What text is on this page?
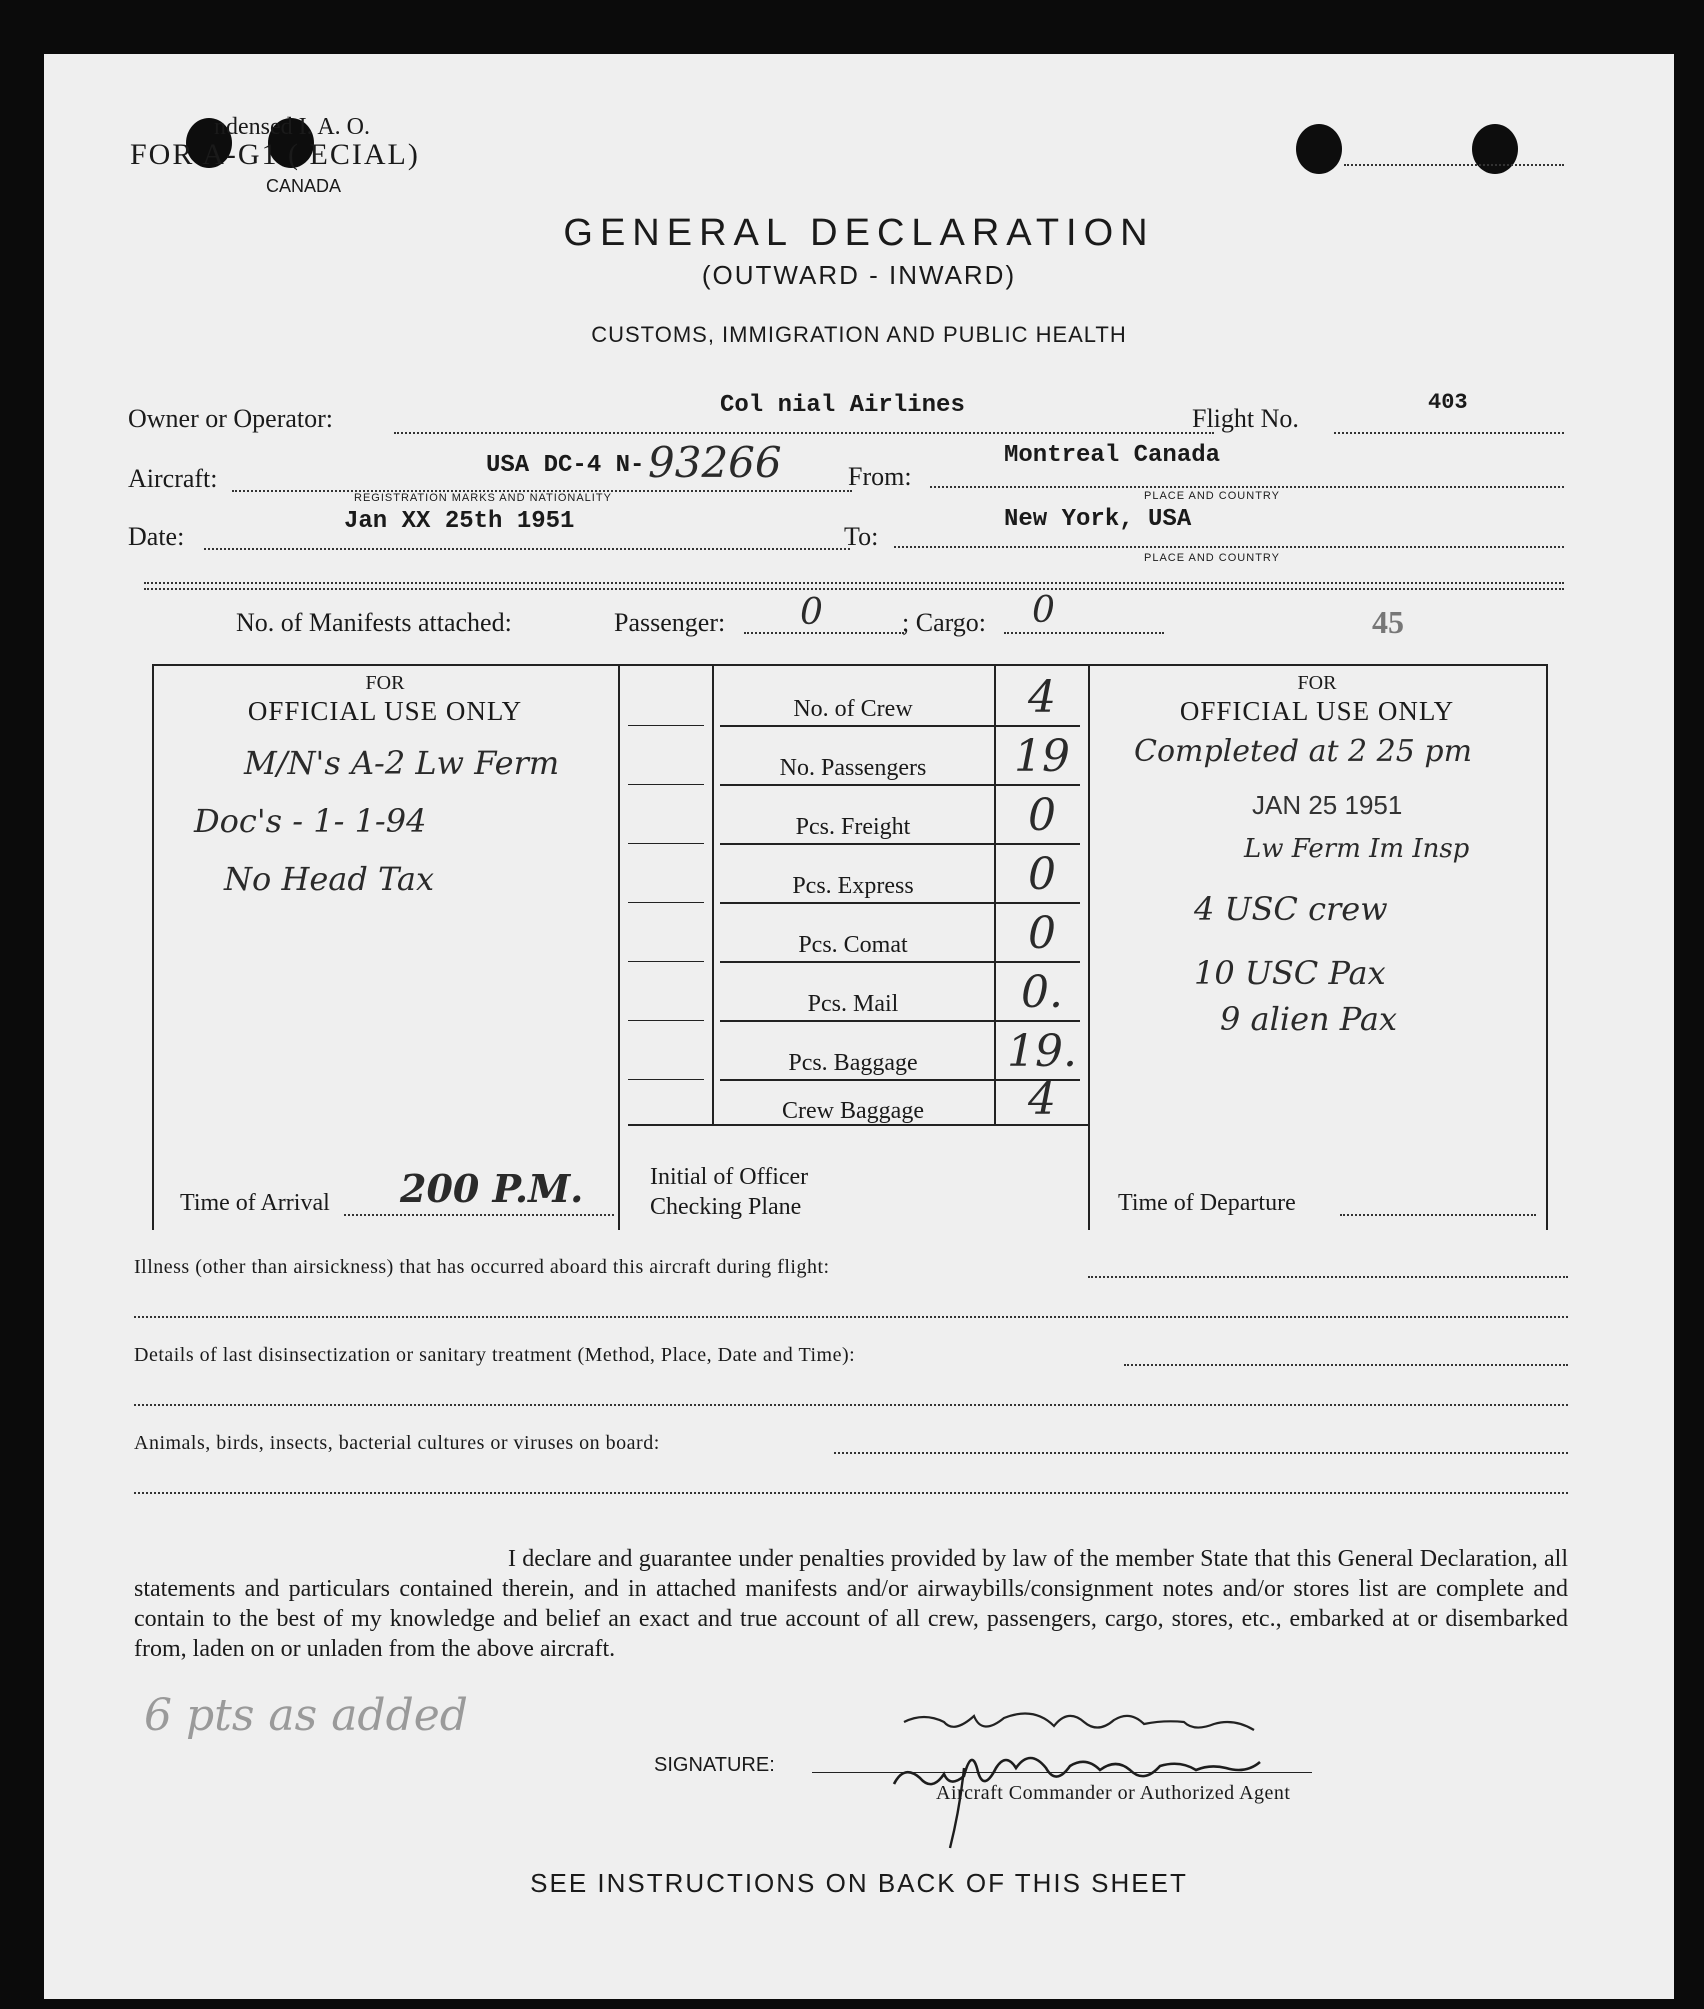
ndensed I. A. O.
FOR A-G1 ( ECIAL)
CANADA
GENERAL DECLARATION
(OUTWARD - INWARD)
CUSTOMS, IMMIGRATION AND PUBLIC HEALTH
Owner or Operator:	Col nial Airlines	Flight No.
403
Aircraft:	USA DC-4 N- 93266
REGISTRATION MARKS AND NATIONALITY
From:
Montreal Canada
PLACE AND COUNTRY
Date:
Jan XX 25th 1951
To:
New York, USA
PLACE AND COUNTRY
No. of Manifests attached:	Passenger: 0	; Cargo: 0	45
FOR
OFFICIAL USE ONLY
M/N's A-2 Lw Ferm
Doc's - 1- 1-94
No Head Tax
Time of Arrival 200 P.M.
No. of Crew	4
No. Passengers	19
Pcs. Freight	0
Pcs. Express	0
Pcs. Comat	0
Pcs. Mail	0.
Pcs. Baggage	19.
Crew Baggage	4
Initial of Officer
Checking Plane
FOR
OFFICIAL USE ONLY
Completed at 2 25 pm
JAN 25 1951
Lw Ferm Im Insp
4 USC crew
10 USC Pax
9 alien Pax
Time of Departure
Illness (other than airsickness) that has occurred aboard this aircraft during flight:
Details of last disinsectization or sanitary treatment (Method, Place, Date and Time):
Animals, birds, insects, bacterial cultures or viruses on board:
I declare and guarantee under penalties provided by law of the member State that this General Declaration, all statements and particulars contained therein, and in attached manifests and/or airwaybills/consignment notes and/or stores list are complete and contain to the best of my knowledge and belief an exact and true account of all crew, passengers, cargo, stores, etc., embarked at or disembarked from, laden on or unladen from the above aircraft.
6 pts as added
SIGNATURE:
Aircraft Commander or Authorized Agent
SEE INSTRUCTIONS ON BACK OF THIS SHEET
